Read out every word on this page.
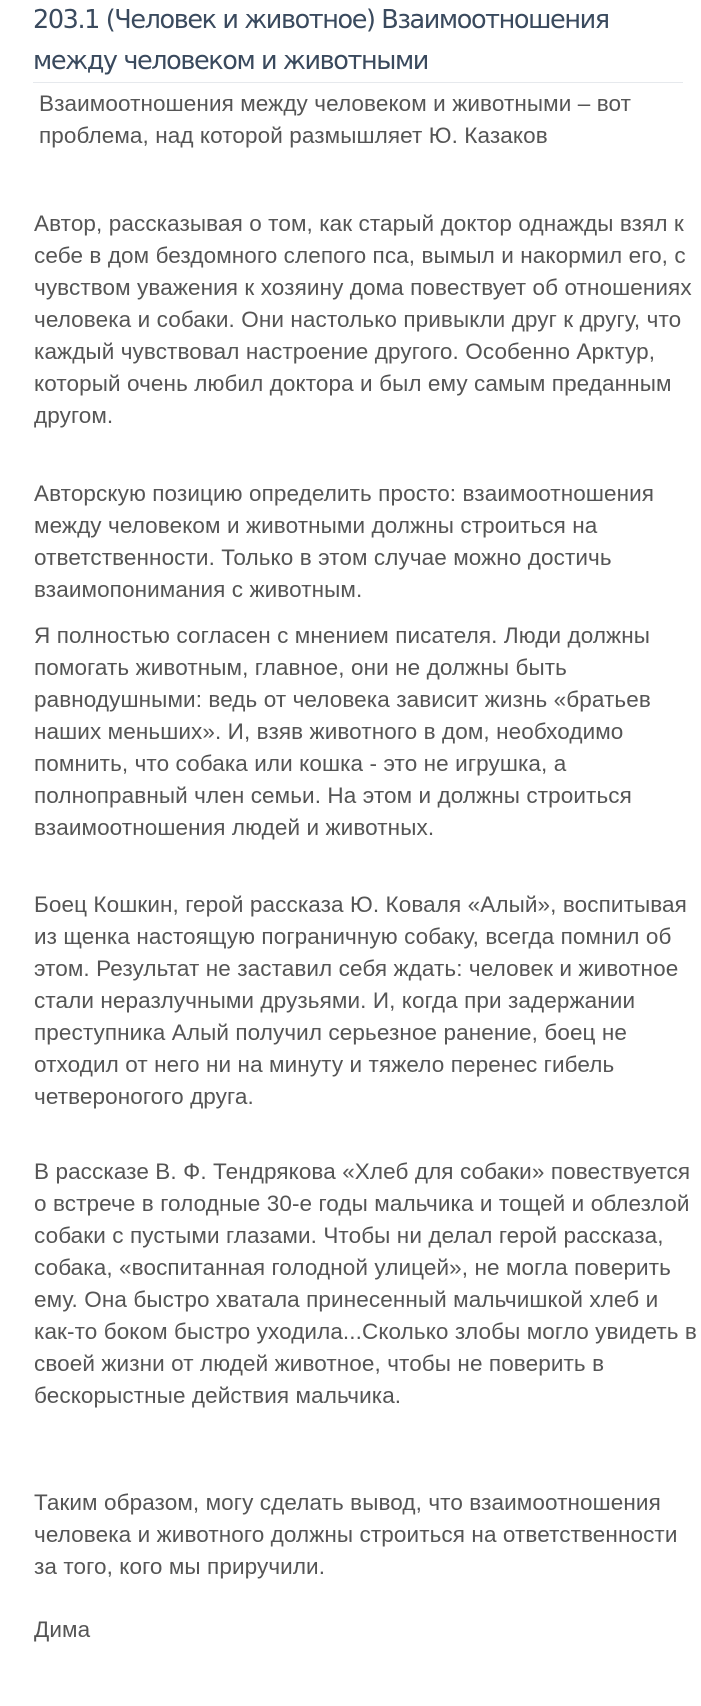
203.1 (Человек и животное) Взаимоотношения между человеком и животными

Взаимоотношения между человеком и животными – вот проблема, над которой размышляет Ю. Казаков

Автор, рассказывая о том, как старый доктор однажды взял к себе в дом бездомного слепого пса, вымыл и накормил его, с чувством уважения к хозяину дома повествует об отношениях человека и собаки. Они настолько привыкли друг к другу, что каждый чувствовал настроение другого. Особенно Арктур, который очень любил доктора и был ему самым преданным другом.

Авторскую позицию определить просто: взаимоотношения между человеком и животными должны строиться на ответственности. Только в этом случае можно достичь взаимопонимания с животным.

Я полностью согласен с мнением писателя. Люди должны помогать животным, главное, они не должны быть равнодушными: ведь от человека зависит жизнь «братьев наших меньших». И, взяв животного в дом, необходимо помнить, что собака или кошка - это не игрушка, а полноправный член семьи. На этом и должны строиться взаимоотношения людей и животных.

Боец Кошкин, герой рассказа Ю. Коваля «Алый», воспитывая из щенка настоящую пограничную собаку, всегда помнил об этом. Результат не заставил себя ждать: человек и животное стали неразлучными друзьями. И, когда при задержании преступника Алый получил серьезное ранение, боец не отходил от него ни на минуту и тяжело перенес гибель четвероногого друга.

В рассказе В. Ф. Тендрякова «Хлеб для собаки» повествуется о встрече в голодные 30-е годы мальчика и тощей и облезлой собаки с пустыми глазами. Чтобы ни делал герой рассказа, собака, «воспитанная голодной улицей», не могла поверить ему. Она быстро хватала принесенный мальчишкой хлеб и как-то боком быстро уходила...Сколько злобы могло увидеть в своей жизни от людей животное, чтобы не поверить в бескорыстные действия мальчика.

Таким образом, могу сделать вывод, что взаимоотношения человека и животного должны строиться на ответственности за того, кого мы приручили.

Дима
